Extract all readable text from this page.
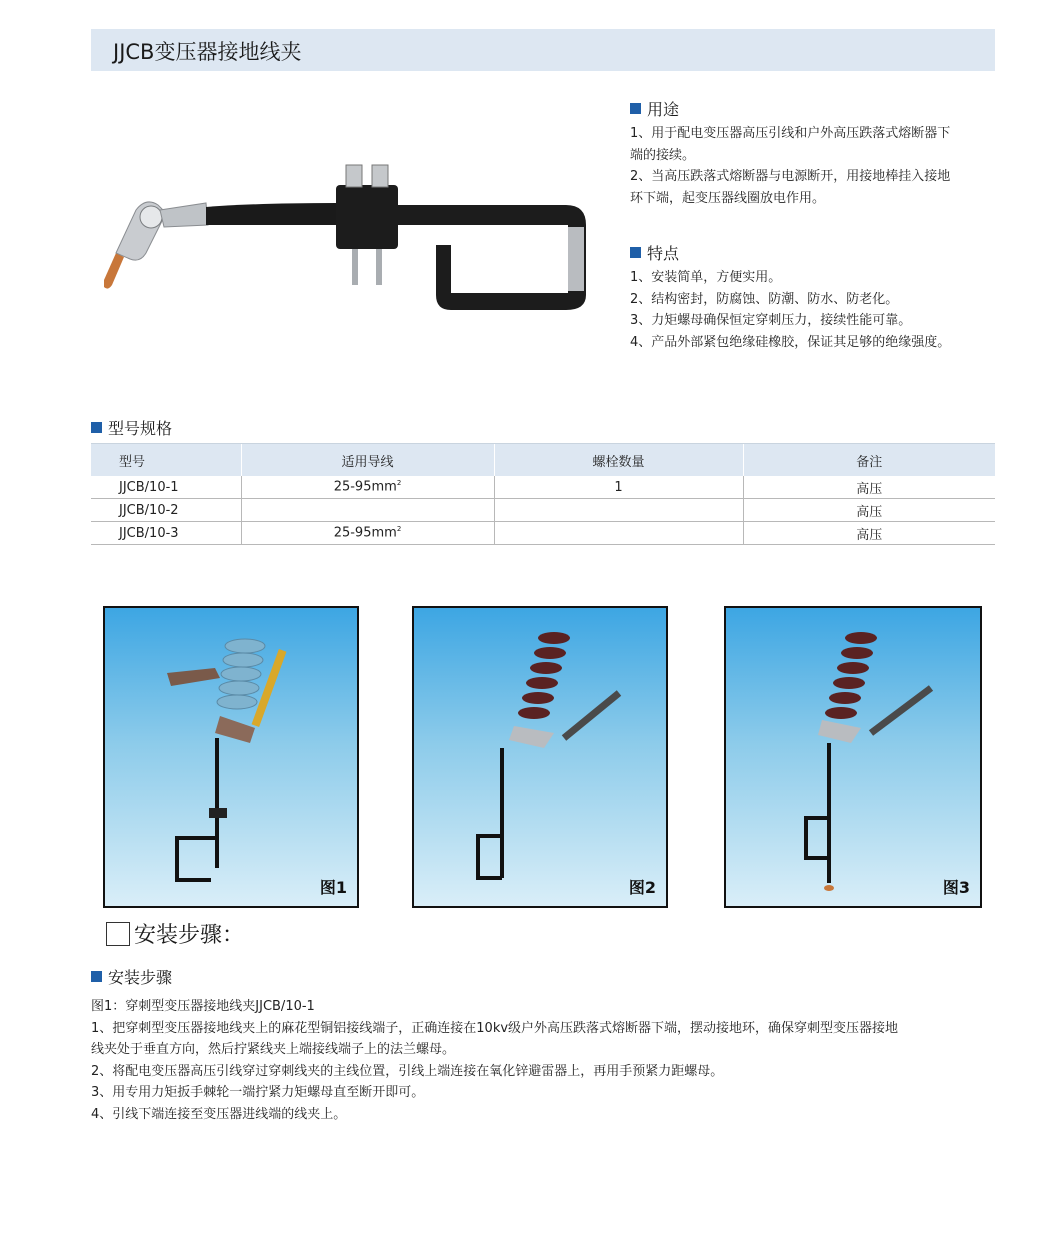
JJCB变压器接地线夹
用途

1、用于配电变压器高压引线和户外高压跌落式熔断器下

端的接续。

2、当高压跌落式熔断器与电源断开，用接地棒挂入接地

环下端，起变压器线圈放电作用。

特点

1、安装简单，方便实用。

2、结构密封，防腐蚀、防潮、防水、防老化。

3、力矩螺母确保恒定穿刺压力，接续性能可靠。

4、产品外部紧包绝缘硅橡胶，保证其足够的绝缘强度。

型号规格
型号	适用导线	螺栓数量	备注
JJCB/10-1	$25-95mm^2$	1	高压
JJCB/10-2			高压
JJCB/10-3	$25-95mm^2$		高压
图1	图2	图3
安装步骤：
安装步骤

图1：穿刺型变压器接地线夹JJCB/10-1

1、把穿刺型变压器接地线夹上的麻花型铜铝接线端子，正确连接在10kv级户外高压跌落式熔断器下端，摆动接地环，确保穿刺型变压器接地

线夹处于垂直方向，然后拧紧线夹上端接线端子上的法兰螺母。

2、将配电变压器高压引线穿过穿刺线夹的主线位置，引线上端连接在氧化锌避雷器上，再用手预紧力距螺母。

3、用专用力矩扳手棘轮一端拧紧力矩螺母直至断开即可。

4、引线下端连接至变压器进线端的线夹上。
